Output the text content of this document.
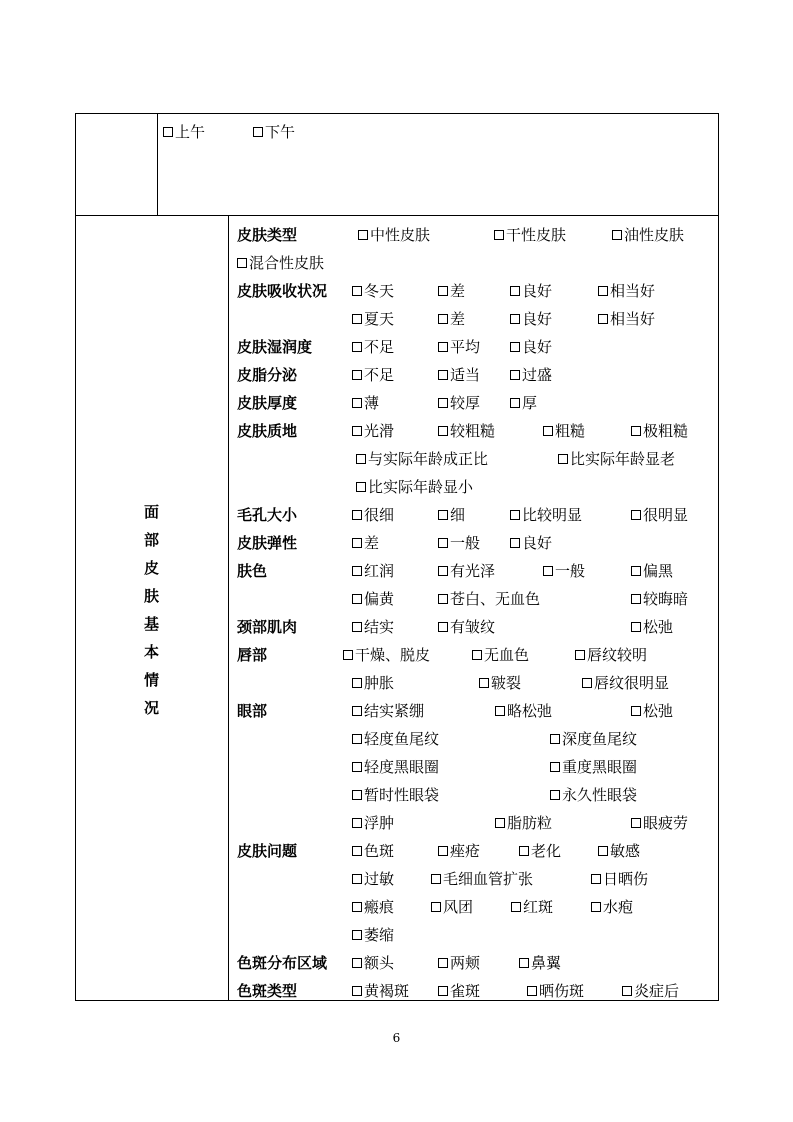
上午	下午
面
部
皮
肤
基
本
情
况
皮肤类型	中性皮肤	干性皮肤	油性皮肤
混合性皮肤
皮肤吸收状况 冬天	差	良好	相当好
夏天	差	良好	相当好
皮肤湿润度	不足	平均	良好
皮脂分泌	不足	适当	过盛
皮肤厚度	薄	较厚	厚
皮肤质地	光滑	较粗糙	粗糙	极粗糙
与实际年龄成正比	比实际年龄显老
比实际年龄显小
毛孔大小	很细	细	比较明显	很明显
皮肤弹性	差	一般	良好
肤色	红润	有光泽	一般	偏黑
偏黄	苍白、无血色	较晦暗
颈部肌肉	结实	有皱纹	松弛
唇部	干燥、脱皮	无血色	唇纹较明
肿胀	皲裂	唇纹很明显
眼部	结实紧绷	略松弛	松弛
轻度鱼尾纹	深度鱼尾纹
轻度黑眼圈	重度黑眼圈
暂时性眼袋	永久性眼袋
浮肿	脂肪粒	眼疲劳
皮肤问题	色斑	痤疮	老化	敏感
过敏	毛细血管扩张	日晒伤
瘢痕	风团	红斑	水疱
萎缩
色斑分布区域 额头	两颊	鼻翼
色斑类型	黄褐斑	雀斑	晒伤斑	炎症后
6
